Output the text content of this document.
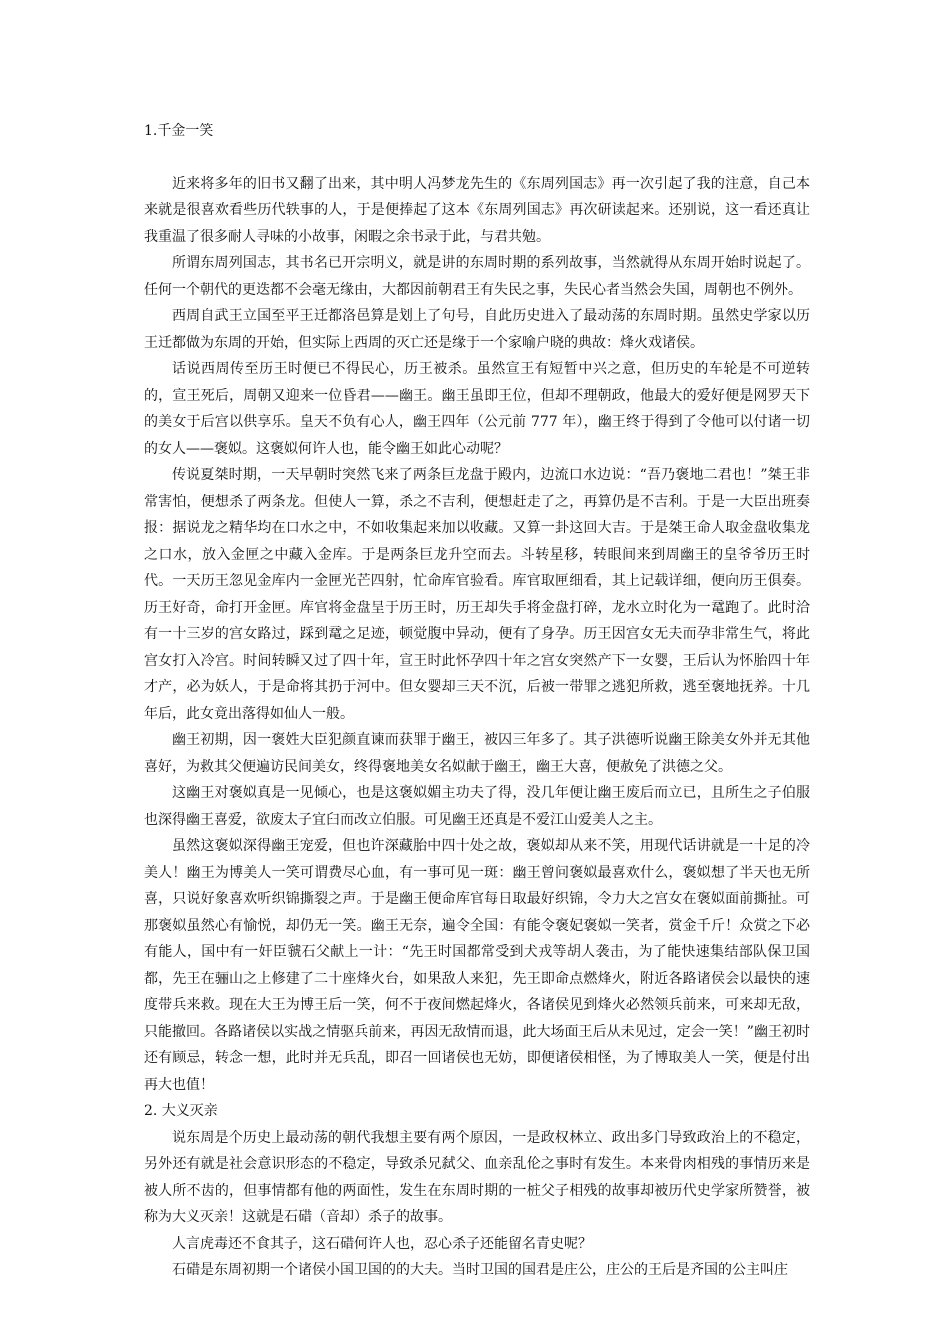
1.千金一笑

近来将多年的旧书又翻了出来，其中明人冯梦龙先生的《东周列国志》再一次引起了我的注意，自己本来就是很喜欢看些历代轶事的人，于是便捧起了这本《东周列国志》再次研读起来。还别说，这一看还真让我重温了很多耐人寻味的小故事，闲暇之余书录于此，与君共勉。

所谓东周列国志，其书名已开宗明义，就是讲的东周时期的系列故事，当然就得从东周开始时说起了。任何一个朝代的更迭都不会毫无缘由，大都因前朝君王有失民之事，失民心者当然会失国，周朝也不例外。

西周自武王立国至平王迁都洛邑算是划上了句号，自此历史进入了最动荡的东周时期。虽然史学家以历王迁都做为东周的开始，但实际上西周的灭亡还是缘于一个家喻户晓的典故：烽火戏诸侯。

话说西周传至历王时便已不得民心，历王被杀。虽然宣王有短暂中兴之意，但历史的车轮是不可逆转的，宣王死后，周朝又迎来一位昏君——幽王。幽王虽即王位，但却不理朝政，他最大的爱好便是网罗天下的美女于后宫以供享乐。皇天不负有心人，幽王四年（公元前 777 年），幽王终于得到了令他可以付诸一切的女人——褒姒。这褒姒何许人也，能令幽王如此心动呢？

传说夏桀时期，一天早朝时突然飞来了两条巨龙盘于殿内，边流口水边说：“吾乃褒地二君也！”桀王非常害怕，便想杀了两条龙。但使人一算，杀之不吉利，便想赶走了之，再算仍是不吉利。于是一大臣出班奏报：据说龙之精华均在口水之中，不如收集起来加以收藏。又算一卦这回大吉。于是桀王命人取金盘收集龙之口水，放入金匣之中藏入金库。于是两条巨龙升空而去。斗转星移，转眼间来到周幽王的皇爷爷历王时代。一天历王忽见金库内一金匣光芒四射，忙命库官验看。库官取匣细看，其上记载详细，便向历王俱奏。历王好奇，命打开金匣。库官将金盘呈于历王时，历王却失手将金盘打碎，龙水立时化为一鼋跑了。此时洽有一十三岁的宫女路过，踩到鼋之足迹，顿觉腹中异动，便有了身孕。历王因宫女无夫而孕非常生气，将此宫女打入冷宫。时间转瞬又过了四十年，宣王时此怀孕四十年之宫女突然产下一女婴，王后认为怀胎四十年才产，必为妖人，于是命将其扔于河中。但女婴却三天不沉，后被一带罪之逃犯所救，逃至褒地抚养。十几年后，此女竟出落得如仙人一般。

幽王初期，因一褒姓大臣犯颜直谏而获罪于幽王，被囚三年多了。其子洪德听说幽王除美女外并无其他喜好，为救其父便遍访民间美女，终得褒地美女名姒献于幽王，幽王大喜，便赦免了洪德之父。

这幽王对褒姒真是一见倾心，也是这褒姒媚主功夫了得，没几年便让幽王废后而立已，且所生之子伯服也深得幽王喜爱，欲废太子宜臼而改立伯服。可见幽王还真是不爱江山爱美人之主。

虽然这褒姒深得幽王宠爱，但也许深藏胎中四十处之故，褒姒却从来不笑，用现代话讲就是一十足的冷美人！幽王为博美人一笑可谓费尽心血，有一事可见一斑：幽王曾问褒姒最喜欢什么，褒姒想了半天也无所喜，只说好象喜欢听织锦撕裂之声。于是幽王便命库官每日取最好织锦，令力大之宫女在褒姒面前撕扯。可那褒姒虽然心有愉悦，却仍无一笑。幽王无奈，遍令全国：有能令褒妃褒姒一笑者，赏金千斤！众赏之下必有能人，国中有一奸臣虢石父献上一计：“先王时国都常受到犬戎等胡人袭击，为了能快速集结部队保卫国都，先王在骊山之上修建了二十座烽火台，如果敌人来犯，先王即命点燃烽火，附近各路诸侯会以最快的速度带兵来救。现在大王为博王后一笑，何不于夜间燃起烽火，各诸侯见到烽火必然领兵前来，可来却无敌，只能撤回。各路诸侯以实战之情驱兵前来，再因无敌情而退，此大场面王后从未见过，定会一笑！”幽王初时还有顾忌，转念一想，此时并无兵乱，即召一回诸侯也无妨，即便诸侯相怪，为了博取美人一笑，便是付出再大也值！

2. 大义灭亲

说东周是个历史上最动荡的朝代我想主要有两个原因，一是政权林立、政出多门导致政治上的不稳定，另外还有就是社会意识形态的不稳定，导致杀兄弑父、血亲乱伦之事时有发生。本来骨肉相残的事情历来是被人所不齿的，但事情都有他的两面性，发生在东周时期的一桩父子相残的故事却被历代史学家所赞誉，被称为大义灭亲！这就是石碏（音却）杀子的故事。

人言虎毒还不食其子，这石碏何许人也，忍心杀子还能留名青史呢？

石碏是东周初期一个诸侯小国卫国的的大夫。当时卫国的国君是庄公，庄公的王后是齐国的公主叫庄
